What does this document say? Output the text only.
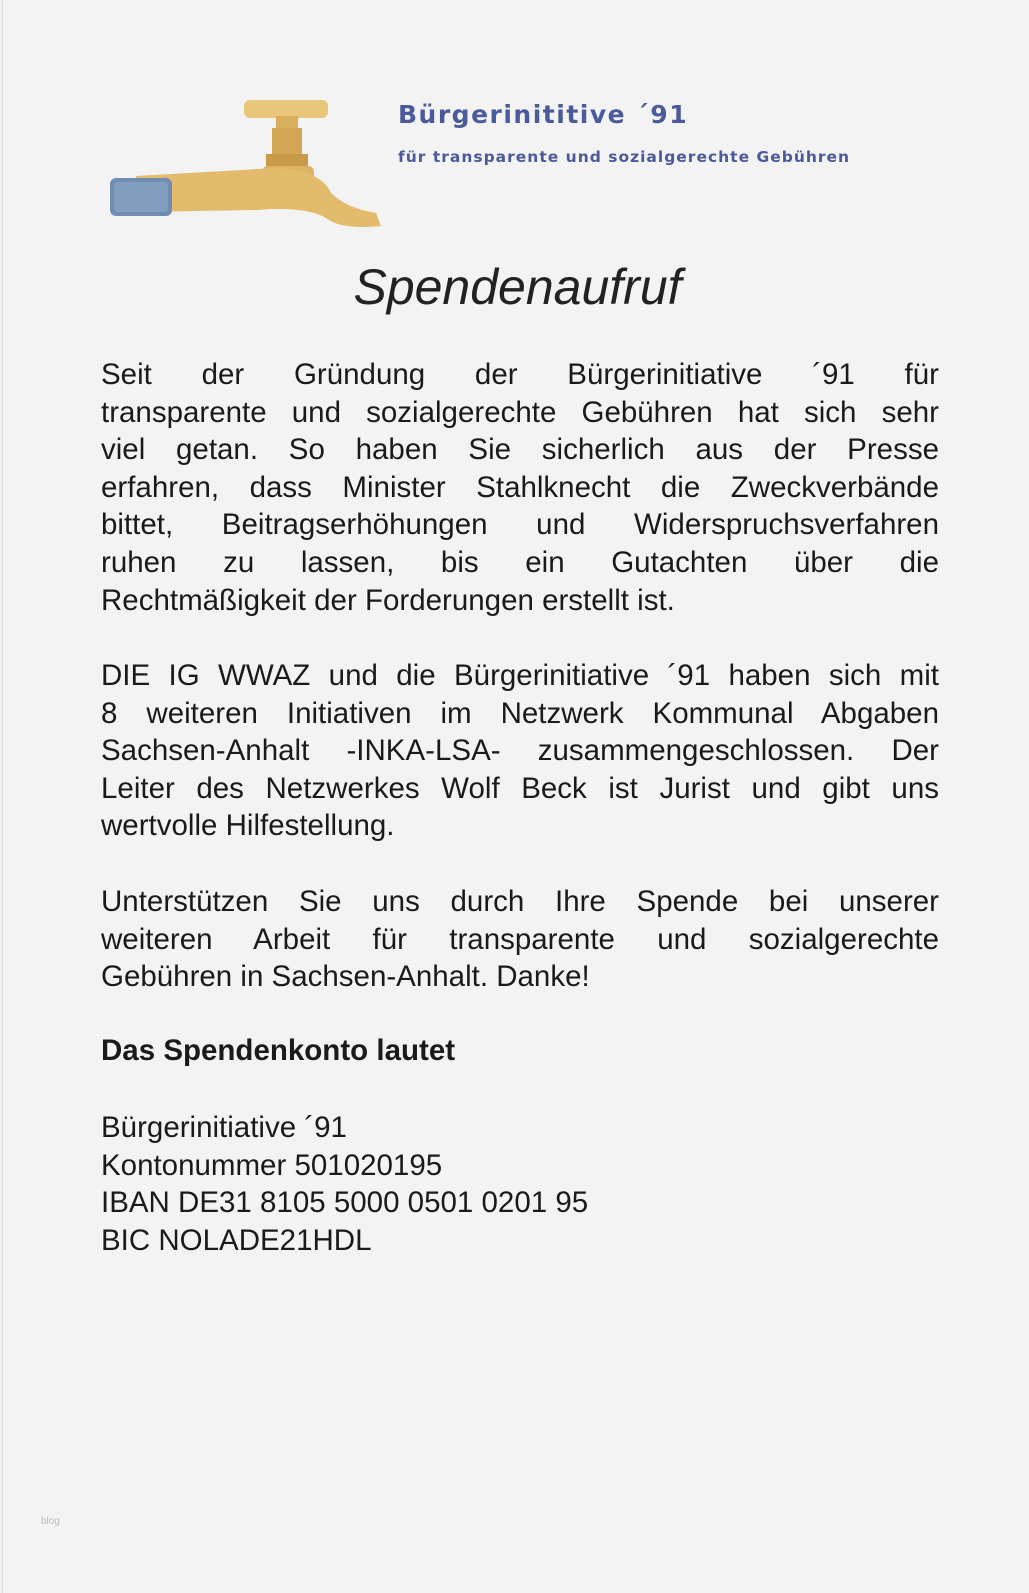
Bürgerinititive ´91
für transparente und sozialgerechte Gebühren
Spendenaufruf
Seit der Gründung der Bürgerinitiative ´91 für
transparente und sozialgerechte Gebühren hat sich sehr
viel getan. So haben Sie sicherlich aus der Presse
erfahren, dass Minister Stahlknecht die Zweckverbände
bittet, Beitragserhöhungen und Widerspruchsverfahren
ruhen zu lassen, bis ein Gutachten über die
Rechtmäßigkeit der Forderungen erstellt ist.
DIE IG WWAZ und die Bürgerinitiative ´91 haben sich mit
8 weiteren Initiativen im Netzwerk Kommunal Abgaben
Sachsen-Anhalt -INKA-LSA- zusammengeschlossen. Der
Leiter des Netzwerkes Wolf Beck ist Jurist und gibt uns
wertvolle Hilfestellung.
Unterstützen Sie uns durch Ihre Spende bei unserer
weiteren Arbeit für transparente und sozialgerechte
Gebühren in Sachsen-Anhalt. Danke!
Das Spendenkonto lautet
Bürgerinitiative ´91
Kontonummer 501020195
IBAN DE31 8105 5000 0501 0201 95
BIC NOLADE21HDL
blog
